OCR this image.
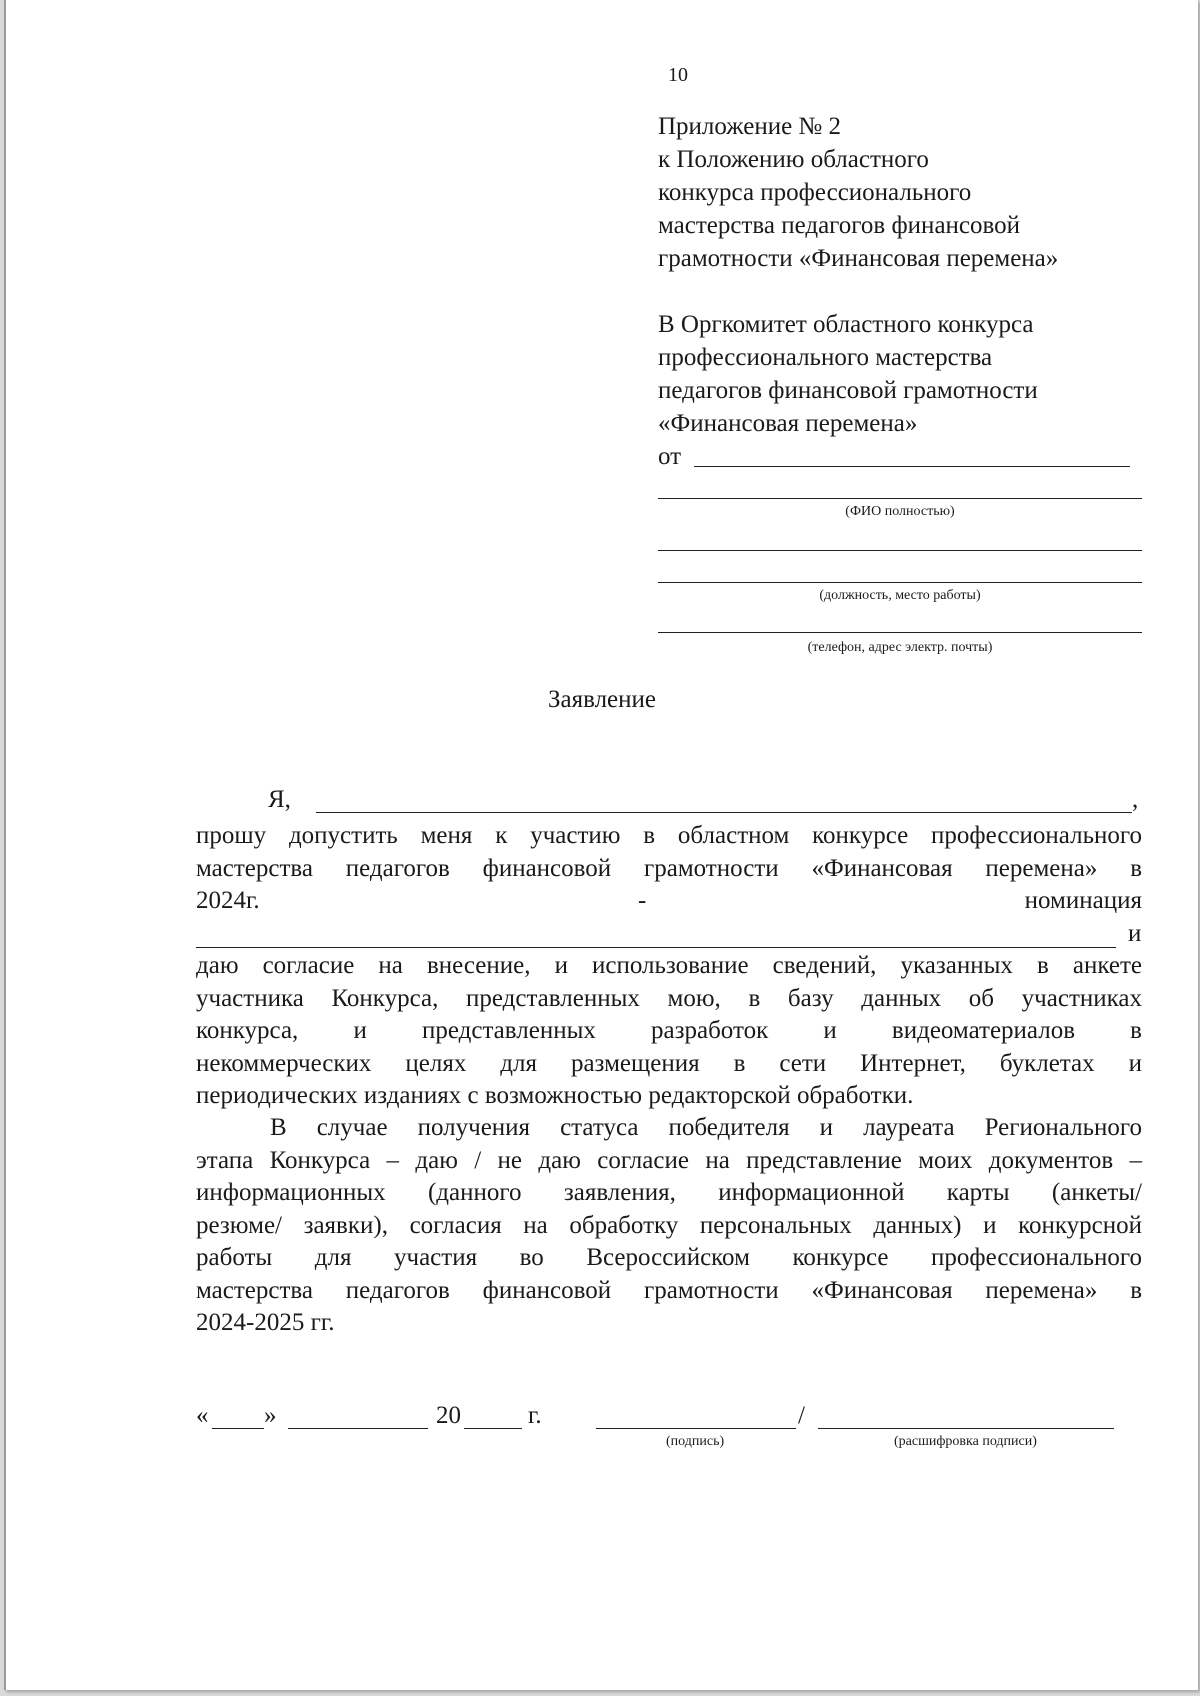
10
Приложение № 2
к Положению областного
конкурса профессионального
мастерства педагогов финансовой
грамотности «Финансовая перемена»
В Оргкомитет областного конкурса
профессионального мастерства
педагогов финансовой грамотности
«Финансовая перемена»
от
(ФИО полностью)
(должность, место работы)
(телефон, адрес электр. почты)
Заявление
Я,	,
прошу допустить меня к участию в областном конкурсе профессионального
мастерства педагогов финансовой грамотности «Финансовая перемена» в
2024г.	-	номинация
и
даю согласие на внесение, и использование сведений, указанных в анкете
участника Конкурса, представленных мою, в базу данных об участниках
конкурса, и представленных разработок и видеоматериалов в
некоммерческих целях для размещения в сети Интернет, буклетах и
периодических изданиях с возможностью редакторской обработки.
В случае получения статуса победителя и лауреата Регионального
этапа Конкурса – даю / не даю согласие на представление моих документов –
информационных (данного заявления, информационной карты (анкеты/
резюме/ заявки), согласия на обработку персональных данных) и конкурсной
работы для участия во Всероссийском конкурсе профессионального
мастерства педагогов финансовой грамотности «Финансовая перемена» в
2024-2025 гг.
« »	20	г.	/
(подпись)	(расшифровка подписи)
